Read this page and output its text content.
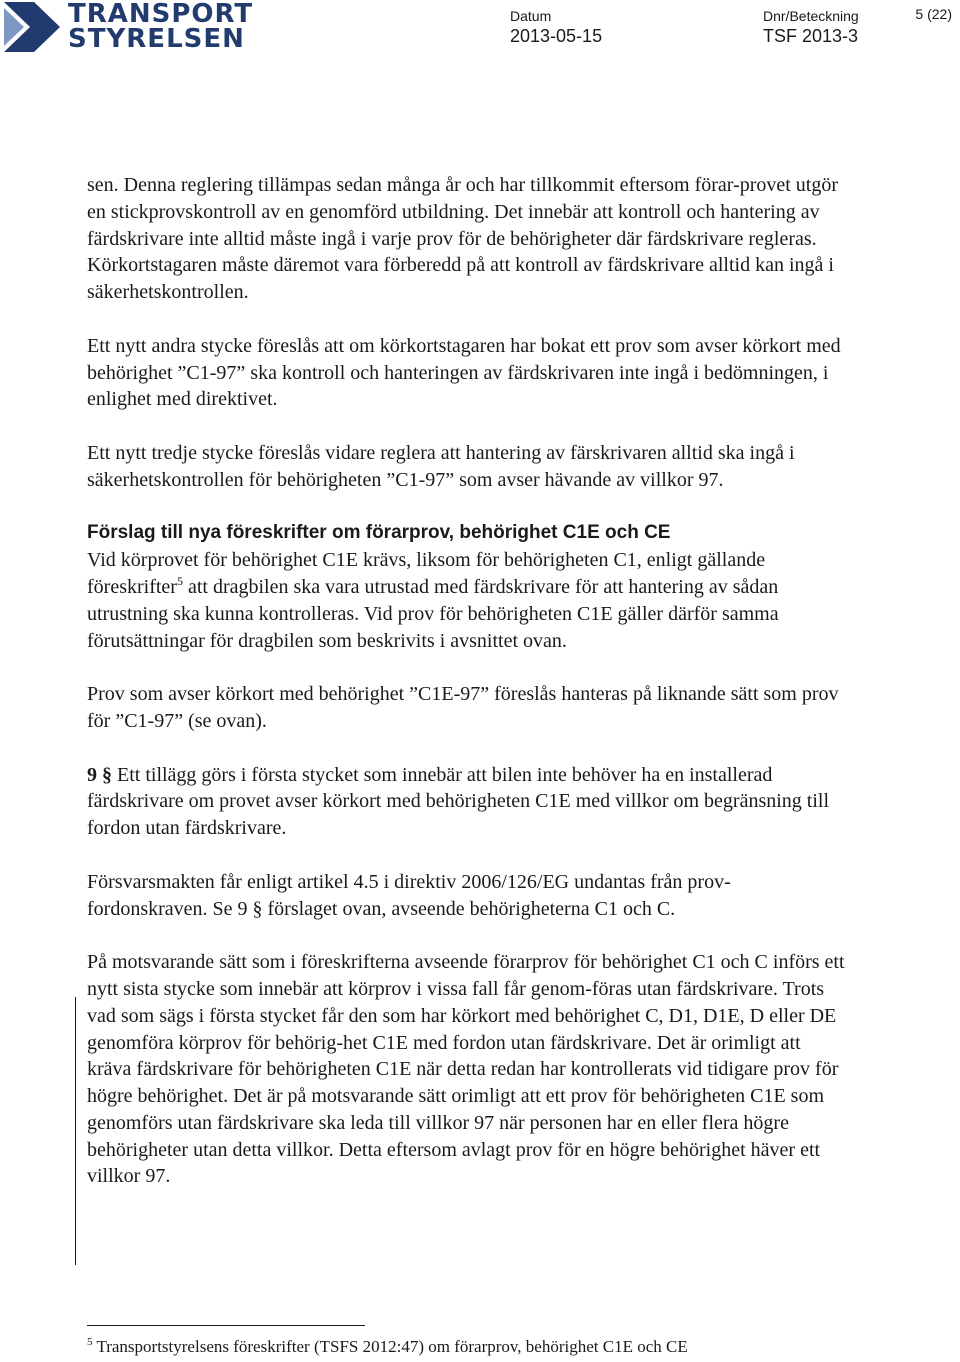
TRANSPORT
STYRELSEN
Datum
2013-05-15
Dnr/Beteckning
TSF 2013-3
5 (22)

sen. Denna reglering tillämpas sedan många år och har tillkommit eftersom förar-provet utgör en stickprovskontroll av en genomförd utbildning. Det innebär att kontroll och hantering av färdskrivare inte alltid måste ingå i varje prov för de behörigheter där färdskrivare regleras. Körkortstagaren måste däremot vara förberedd på att kontroll av färdskrivare alltid kan ingå i säkerhetskontrollen.

Ett nytt andra stycke föreslås att om körkortstagaren har bokat ett prov som avser körkort med behörighet ”C1-97” ska kontroll och hanteringen av färdskrivaren inte ingå i bedömningen, i enlighet med direktivet.

Ett nytt tredje stycke föreslås vidare reglera att hantering av färskrivaren alltid ska ingå i säkerhetskontrollen för behörigheten ”C1-97” som avser hävande av villkor 97.

Förslag till nya föreskrifter om förarprov, behörighet C1E och CE

Vid körprovet för behörighet C1E krävs, liksom för behörigheten C1, enligt gällande föreskrifter$^5$ att dragbilen ska vara utrustad med färdskrivare för att hantering av sådan utrustning ska kunna kontrolleras. Vid prov för behörigheten C1E gäller därför samma förutsättningar för dragbilen som beskrivits i avsnittet ovan.

Prov som avser körkort med behörighet ”C1E-97” föreslås hanteras på liknande sätt som prov för ”C1-97” (se ovan).

9 § Ett tillägg görs i första stycket som innebär att bilen inte behöver ha en installerad färdskrivare om provet avser körkort med behörigheten C1E med villkor om begränsning till fordon utan färdskrivare.

Försvarsmakten får enligt artikel 4.5 i direktiv 2006/126/EG undantas från prov-fordonskraven. Se 9 § förslaget ovan, avseende behörigheterna C1 och C.

På motsvarande sätt som i föreskrifterna avseende förarprov för behörighet C1 och C införs ett nytt sista stycke som innebär att körprov i vissa fall får genom-föras utan färdskrivare. Trots vad som sägs i första stycket får den som har körkort med behörighet C, D1, D1E, D eller DE genomföra körprov för behörig-het C1E med fordon utan färdskrivare. Det är orimligt att kräva färdskrivare för behörigheten C1E när detta redan har kontrollerats vid tidigare prov för högre behörighet. Det är på motsvarande sätt orimligt att ett prov för behörigheten C1E som genomförs utan färdskrivare ska leda till villkor 97 när personen har en eller flera högre behörigheter utan detta villkor. Detta eftersom avlagt prov för en högre behörighet häver ett villkor 97.

$^5$ Transportstyrelsens föreskrifter (TSFS 2012:47) om förarprov, behörighet C1E och CE
